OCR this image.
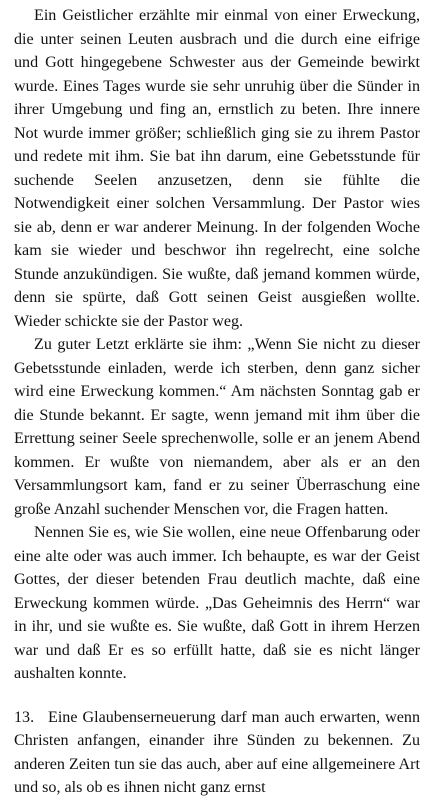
Ein Geistlicher erzählte mir einmal von einer Erweckung, die unter seinen Leuten ausbrach und die durch eine eifrige und Gott hingegebene Schwester aus der Gemeinde bewirkt wurde. Eines Tages wurde sie sehr unruhig über die Sünder in ihrer Umgebung und fing an, ernstlich zu beten. Ihre innere Not wurde immer größer; schließlich ging sie zu ihrem Pastor und redete mit ihm. Sie bat ihn darum, eine Gebetsstunde für suchende Seelen anzusetzen, denn sie fühlte die Notwendigkeit einer solchen Versammlung. Der Pastor wies sie ab, denn er war anderer Meinung. In der folgenden Woche kam sie wieder und beschwor ihn regelrecht, eine solche Stunde anzukündigen. Sie wußte, daß jemand kommen würde, denn sie spürte, daß Gott seinen Geist ausgießen wollte. Wieder schickte sie der Pastor weg.

Zu guter Letzt erklärte sie ihm: „Wenn Sie nicht zu dieser Gebetsstunde einladen, werde ich sterben, denn ganz sicher wird eine Erweckung kommen.“ Am nächsten Sonntag gab er die Stunde bekannt. Er sagte, wenn jemand mit ihm über die Errettung seiner Seele sprechenwolle, solle er an jenem Abend kommen. Er wußte von niemandem, aber als er an den Versammlungsort kam, fand er zu seiner Überraschung eine große Anzahl suchender Menschen vor, die Fragen hatten.

Nennen Sie es, wie Sie wollen, eine neue Offenbarung oder eine alte oder was auch immer. Ich behaupte, es war der Geist Gottes, der dieser betenden Frau deutlich machte, daß eine Erweckung kommen würde. „Das Geheimnis des Herrn“ war in ihr, und sie wußte es. Sie wußte, daß Gott in ihrem Herzen war und daß Er es so erfüllt hatte, daß sie es nicht länger aushalten konnte.

13. Eine Glaubenserneuerung darf man auch erwarten, wenn Christen anfangen, einander ihre Sünden zu bekennen. Zu anderen Zeiten tun sie das auch, aber auf eine allgemeinere Art und so, als ob es ihnen nicht ganz ernst
